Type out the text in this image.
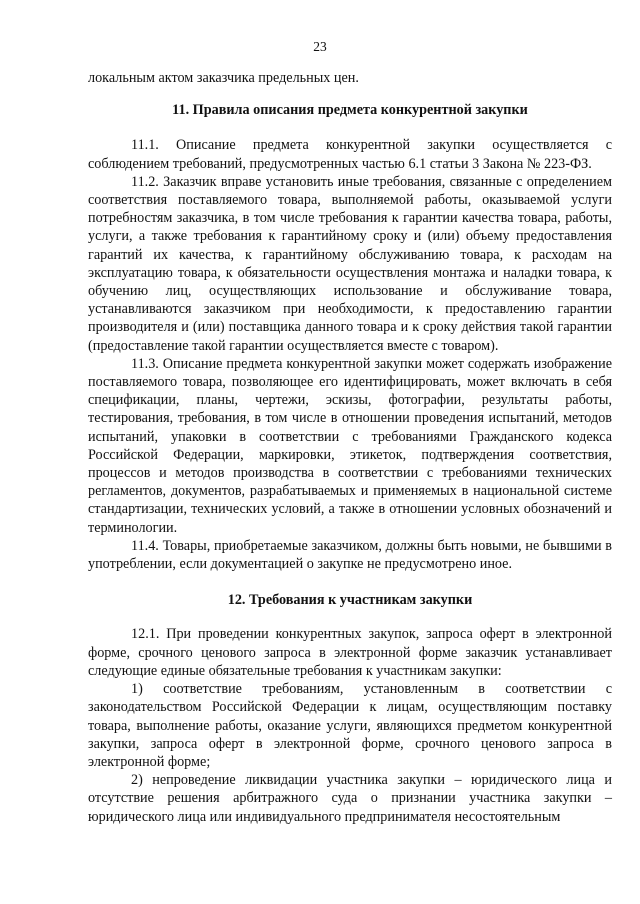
23

локальным актом заказчика предельных цен.

11. Правила описания предмета конкурентной закупки

11.1. Описание предмета конкурентной закупки осуществляется с соблюдением требований, предусмотренных частью 6.1 статьи 3 Закона № 223-ФЗ.

11.2. Заказчик вправе установить иные требования, связанные с определением соответствия поставляемого товара, выполняемой работы, оказываемой услуги потребностям заказчика, в том числе требования к гарантии качества товара, работы, услуги, а также требования к гарантийному сроку и (или) объему предоставления гарантий их качества, к гарантийному обслуживанию товара, к расходам на эксплуатацию товара, к обязательности осуществления монтажа и наладки товара, к обучению лиц, осуществляющих использование и обслуживание товара, устанавливаются заказчиком при необходимости, к предоставлению гарантии производителя и (или) поставщика данного товара и к сроку действия такой гарантии (предоставление такой гарантии осуществляется вместе с товаром).

11.3. Описание предмета конкурентной закупки может содержать изображение поставляемого товара, позволяющее его идентифицировать, может включать в себя спецификации, планы, чертежи, эскизы, фотографии, результаты работы, тестирования, требования, в том числе в отношении проведения испытаний, методов испытаний, упаковки в соответствии с требованиями Гражданского кодекса Российской Федерации, маркировки, этикеток, подтверждения соответствия, процессов и методов производства в соответствии с требованиями технических регламентов, документов, разрабатываемых и применяемых в национальной системе стандартизации, технических условий, а также в отношении условных обозначений и терминологии.

11.4. Товары, приобретаемые заказчиком, должны быть новыми, не бывшими в употреблении, если документацией о закупке не предусмотрено иное.

12. Требования к участникам закупки

12.1. При проведении конкурентных закупок, запроса оферт в электронной форме, срочного ценового запроса в электронной форме заказчик устанавливает следующие единые обязательные требования к участникам закупки:

1) соответствие требованиям, установленным в соответствии с законодательством Российской Федерации к лицам, осуществляющим поставку товара, выполнение работы, оказание услуги, являющихся предметом конкурентной закупки, запроса оферт в электронной форме, срочного ценового запроса в электронной форме;

2) непроведение ликвидации участника закупки – юридического лица и отсутствие решения арбитражного суда о признании участника закупки – юридического лица или индивидуального предпринимателя несостоятельным
